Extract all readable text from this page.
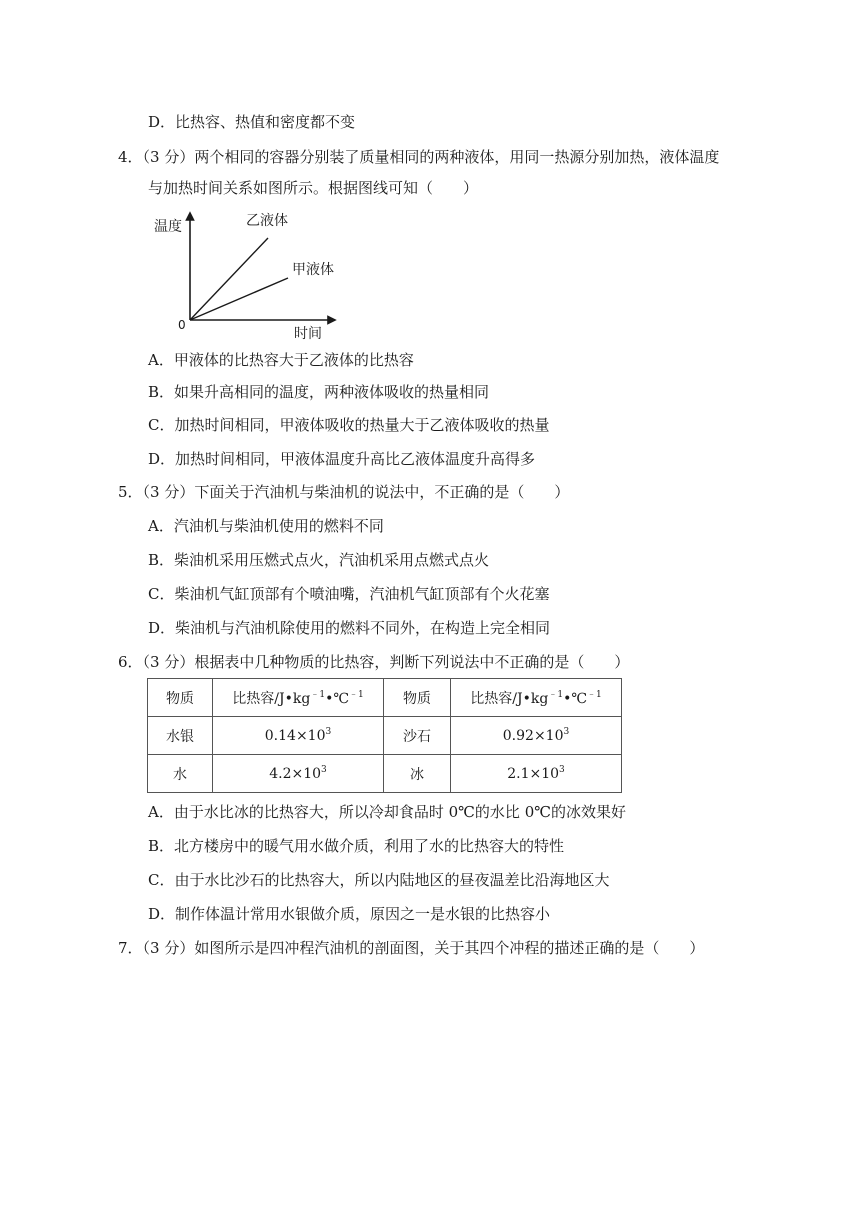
D．比热容、热值和密度都不变
4．（3 分）两个相同的容器分别装了质量相同的两种液体，用同一热源分别加热，液体温度
与加热时间关系如图所示。根据图线可知（　　）
温度
时间
0
乙液体
甲液体
A．甲液体的比热容大于乙液体的比热容
B．如果升高相同的温度，两种液体吸收的热量相同
C．加热时间相同，甲液体吸收的热量大于乙液体吸收的热量
D．加热时间相同，甲液体温度升高比乙液体温度升高得多
5．（3 分）下面关于汽油机与柴油机的说法中，不正确的是（　　）
A．汽油机与柴油机使用的燃料不同
B．柴油机采用压燃式点火，汽油机采用点燃式点火
C．柴油机气缸顶部有个喷油嘴，汽油机气缸顶部有个火花塞
D．柴油机与汽油机除使用的燃料不同外，在构造上完全相同
6．（3 分）根据表中几种物质的比热容，判断下列说法中不正确的是（　　）
物质	比热容$/J•kg^{﹣1}•℃^{﹣1}$	物质	比热容$/J•kg^{﹣1}•℃^{﹣1}$
水银	$0.14\times 10^3$	沙石	$0.92\times 10^3$
水	$4.2\times 10^3$	冰	$2.1\times 10^3$
A．由于水比冰的比热容大，所以冷却食品时 0℃的水比 0℃的冰效果好
B．北方楼房中的暖气用水做介质，利用了水的比热容大的特性
C．由于水比沙石的比热容大，所以内陆地区的昼夜温差比沿海地区大
D．制作体温计常用水银做介质，原因之一是水银的比热容小
7．（3 分）如图所示是四冲程汽油机的剖面图，关于其四个冲程的描述正确的是（　　）
